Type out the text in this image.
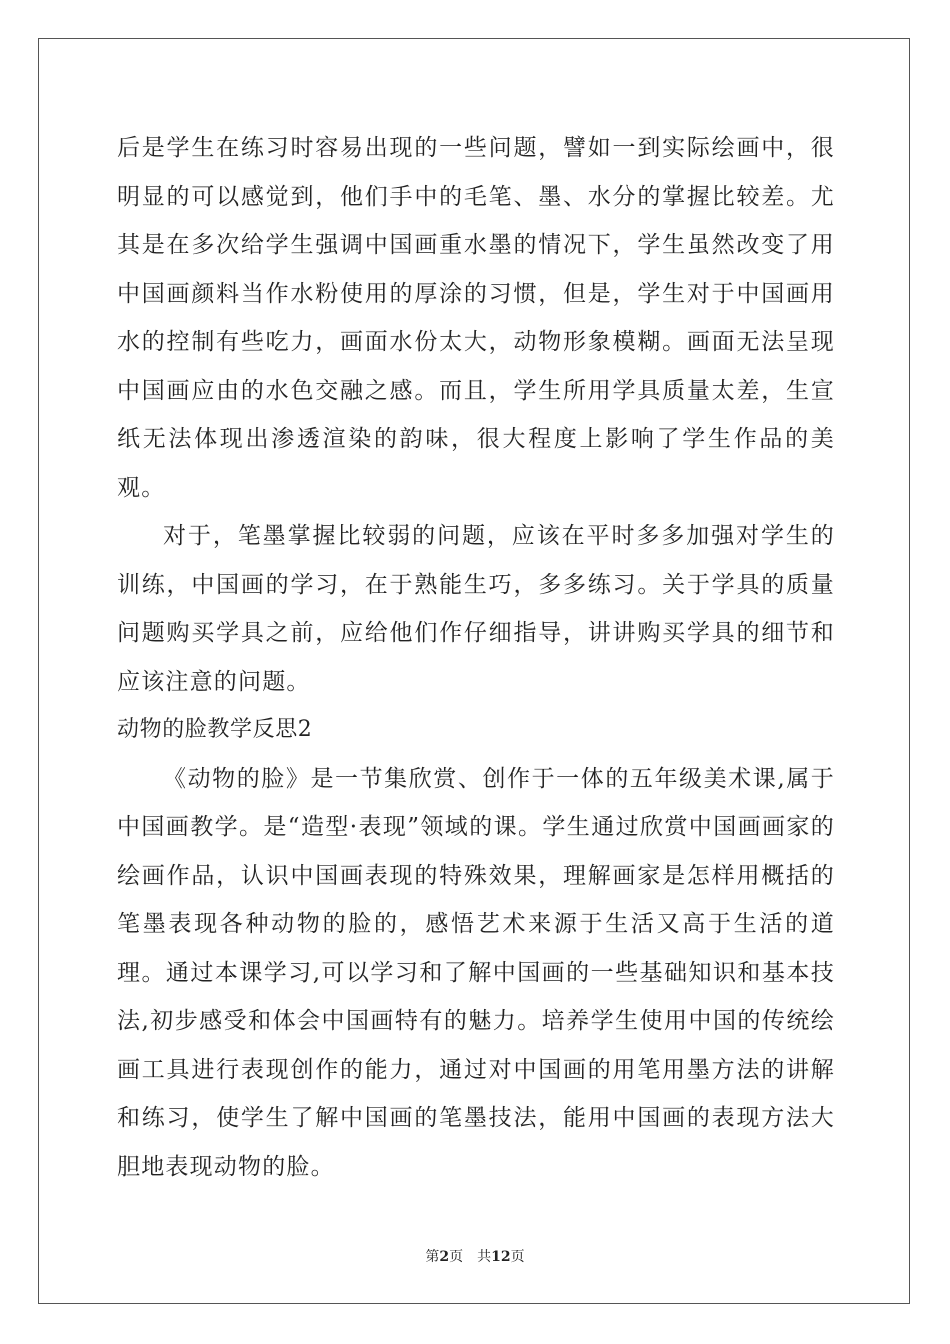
后是学生在练习时容易出现的一些问题，譬如一到实际绘画中，很明显的可以感觉到，他们手中的毛笔、墨、水分的掌握比较差。尤其是在多次给学生强调中国画重水墨的情况下，学生虽然改变了用中国画颜料当作水粉使用的厚涂的习惯，但是，学生对于中国画用水的控制有些吃力，画面水份太大，动物形象模糊。画面无法呈现中国画应由的水色交融之感。而且，学生所用学具质量太差，生宣纸无法体现出渗透渲染的韵味，很大程度上影响了学生作品的美观。

对于，笔墨掌握比较弱的问题，应该在平时多多加强对学生的训练，中国画的学习，在于熟能生巧，多多练习。关于学具的质量问题购买学具之前，应给他们作仔细指导，讲讲购买学具的细节和应该注意的问题。

动物的脸教学反思2

《动物的脸》是一节集欣赏、创作于一体的五年级美术课,属于中国画教学。是“造型·表现”领域的课。学生通过欣赏中国画画家的绘画作品，认识中国画表现的特殊效果，理解画家是怎样用概括的笔墨表现各种动物的脸的，感悟艺术来源于生活又高于生活的道理。通过本课学习,可以学习和了解中国画的一些基础知识和基本技法,初步感受和体会中国画特有的魅力。培养学生使用中国的传统绘画工具进行表现创作的能力，通过对中国画的用笔用墨方法的讲解和练习，使学生了解中国画的笔墨技法，能用中国画的表现方法大胆地表现动物的脸。

第2页 共12页
